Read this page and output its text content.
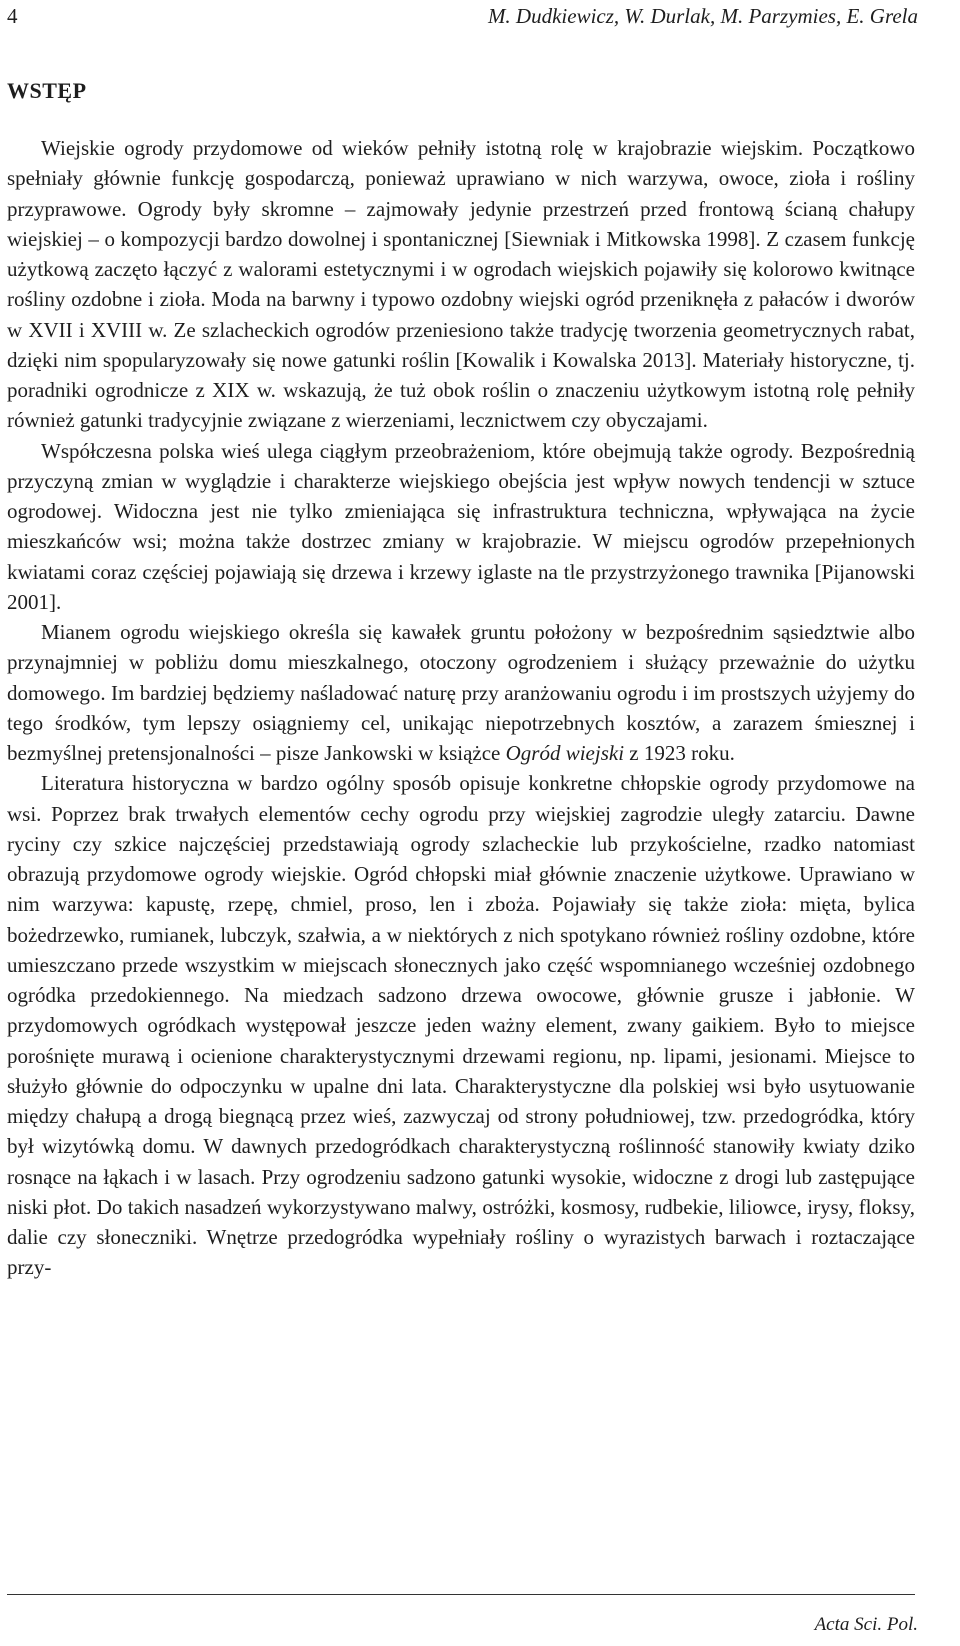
4	M. Dudkiewicz, W. Durlak, M. Parzymies, E. Grela
WSTĘP

Wiejskie ogrody przydomowe od wieków pełniły istotną rolę w krajobrazie wiejskim. Początkowo spełniały głównie funkcję gospodarczą, ponieważ uprawiano w nich warzywa, owoce, zioła i rośliny przyprawowe. Ogrody były skromne – zajmowały jedynie przestrzeń przed frontową ścianą chałupy wiejskiej – o kompozycji bardzo dowolnej i spontanicznej [Siewniak i Mitkowska 1998]. Z czasem funkcję użytkową zaczęto łączyć z walorami estetycznymi i w ogrodach wiejskich pojawiły się kolorowo kwitnące rośliny ozdobne i zioła. Moda na barwny i typowo ozdobny wiejski ogród przeniknęła z pałaców i dworów w XVII i XVIII w. Ze szlacheckich ogrodów przeniesiono także tradycję tworzenia geometrycznych rabat, dzięki nim spopularyzowały się nowe gatunki roślin [Kowalik i Kowalska 2013]. Materiały historyczne, tj. poradniki ogrodnicze z XIX w. wskazują, że tuż obok roślin o znaczeniu użytkowym istotną rolę pełniły również gatunki tradycyjnie związane z wierzeniami, lecznictwem czy obyczajami.

Współczesna polska wieś ulega ciągłym przeobrażeniom, które obejmują także ogrody. Bezpośrednią przyczyną zmian w wyglądzie i charakterze wiejskiego obejścia jest wpływ nowych tendencji w sztuce ogrodowej. Widoczna jest nie tylko zmieniająca się infrastruktura techniczna, wpływająca na życie mieszkańców wsi; można także dostrzec zmiany w krajobrazie. W miejscu ogrodów przepełnionych kwiatami coraz częściej pojawiają się drzewa i krzewy iglaste na tle przystrzyżonego trawnika [Pijanowski 2001].

Mianem ogrodu wiejskiego określa się kawałek gruntu położony w bezpośrednim sąsiedztwie albo przynajmniej w pobliżu domu mieszkalnego, otoczony ogrodzeniem i służący przeważnie do użytku domowego. Im bardziej będziemy naśladować naturę przy aranżowaniu ogrodu i im prostszych użyjemy do tego środków, tym lepszy osiągniemy cel, unikając niepotrzebnych kosztów, a zarazem śmiesznej i bezmyślnej pretensjonalności – pisze Jankowski w książce Ogród wiejski z 1923 roku.

Literatura historyczna w bardzo ogólny sposób opisuje konkretne chłopskie ogrody przydomowe na wsi. Poprzez brak trwałych elementów cechy ogrodu przy wiejskiej zagrodzie uległy zatarciu. Dawne ryciny czy szkice najczęściej przedstawiają ogrody szlacheckie lub przykościelne, rzadko natomiast obrazują przydomowe ogrody wiejskie. Ogród chłopski miał głównie znaczenie użytkowe. Uprawiano w nim warzywa: kapustę, rzepę, chmiel, proso, len i zboża. Pojawiały się także zioła: mięta, bylica bożedrzewko, rumianek, lubczyk, szałwia, a w niektórych z nich spotykano również rośliny ozdobne, które umieszczano przede wszystkim w miejscach słonecznych jako część wspomnianego wcześniej ozdobnego ogródka przedokiennego. Na miedzach sadzono drzewa owocowe, głównie grusze i jabłonie. W przydomowych ogródkach występował jeszcze jeden ważny element, zwany gaikiem. Było to miejsce porośnięte murawą i ocienione charakterystycznymi drzewami regionu, np. lipami, jesionami. Miejsce to służyło głównie do odpoczynku w upalne dni lata. Charakterystyczne dla polskiej wsi było usytuowanie między chałupą a drogą biegnącą przez wieś, zazwyczaj od strony południowej, tzw. przedogródka, który był wizytówką domu. W dawnych przedogródkach charakterystyczną roślinność stanowiły kwiaty dziko rosnące na łąkach i w lasach. Przy ogrodzeniu sadzono gatunki wysokie, widoczne z drogi lub zastępujące niski płot. Do takich nasadzeń wykorzystywano malwy, ostróżki, kosmosy, rudbekie, liliowce, irysy, floksy, dalie czy słoneczniki. Wnętrze przedogródka wypełniały rośliny o wyrazistych barwach i roztaczające przy-

Acta Sci. Pol.
